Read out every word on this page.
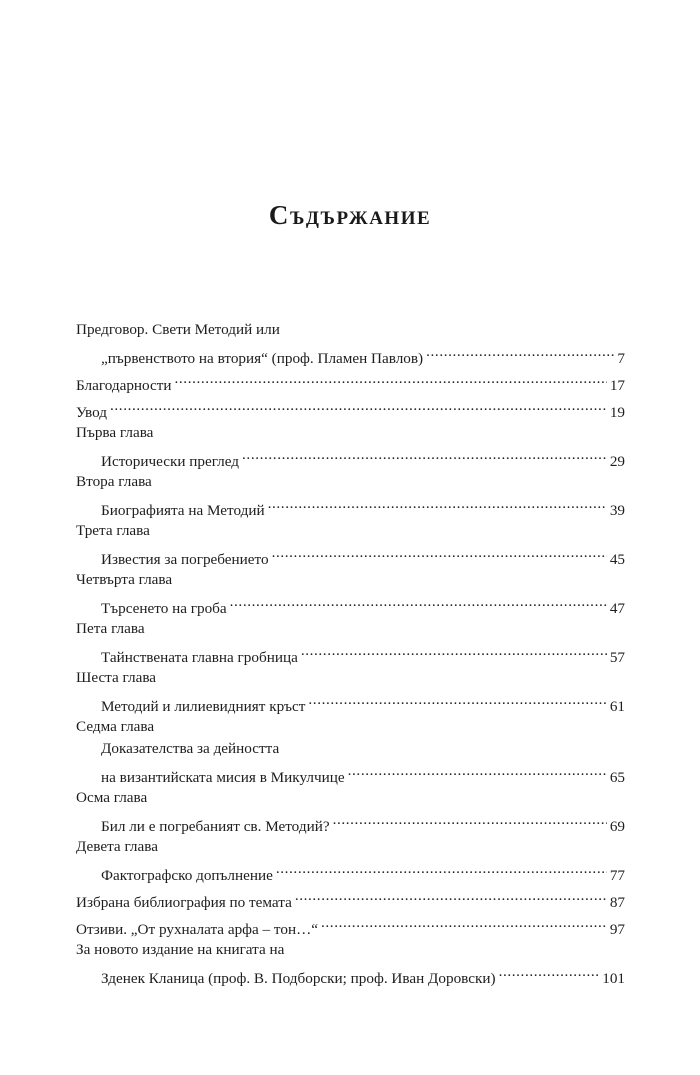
Съдържание
Предговор. Свети Методий или
„първенството на втория“ (проф. Пламен Павлов) .....	7
Благодарности .....	17
Увод .....	19
Първа глава
Исторически преглед .....	29
Втора глава
Биографията на Методий .....	39
Трета глава
Известия за погребението .....	45
Четвърта глава
Търсенето на гроба .....	47
Пета глава
Тайнствената главна гробница .....	57
Шеста глава
Методий и лилиевидният кръст .....	61
Седма глава
Доказателства за дейността
на византийската мисия в Микулчице .....	65
Осма глава
Бил ли е погребаният св. Методий? .....	69
Девета глава
Фактографско допълнение .....	77
Избрана библиография по темата .....	87
Отзиви. „От рухналата арфа – тон…“ .....	97
За новото издание на книгата на
Зденек Кланица (проф. В. Подборски; проф. Иван Доровски) .....	101
